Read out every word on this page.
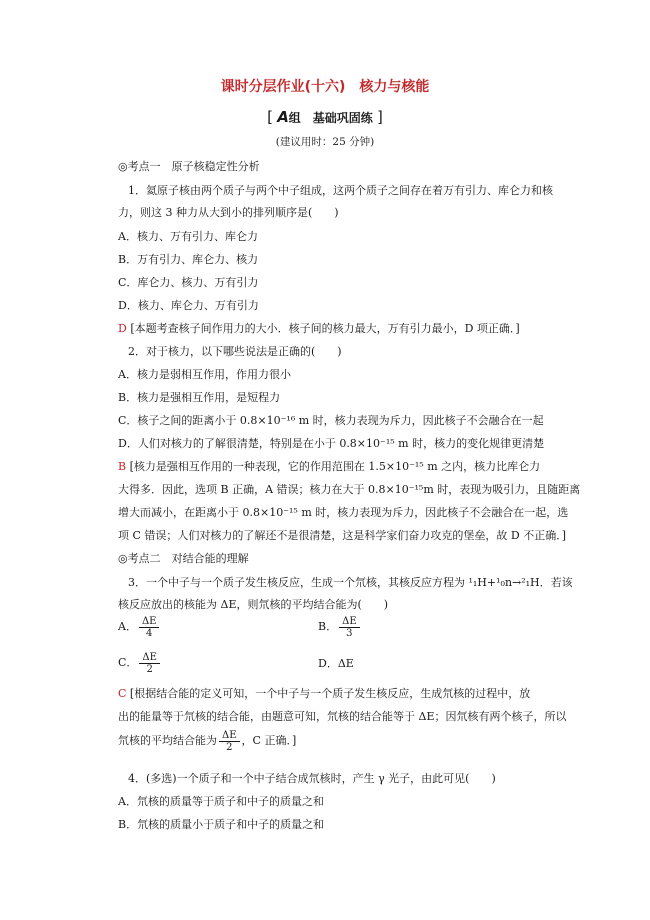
课时分层作业(十六)　核力与核能
[ A组　基础巩固练 ]
(建议用时：25 分钟)
◎考点一　原子核稳定性分析
1．氦原子核由两个质子与两个中子组成，这两个质子之间存在着万有引力、库仑力和核
力，则这 3 种力从大到小的排列顺序是(　　)
A．核力、万有引力、库仑力
B．万有引力、库仑力、核力
C．库仑力、核力、万有引力
D．核力、库仑力、万有引力
D [本题考查核子间作用力的大小．核子间的核力最大，万有引力最小，D 项正确．]
2．对于核力，以下哪些说法是正确的(　　)
A．核力是弱相互作用，作用力很小
B．核力是强相互作用，是短程力
C．核子之间的距离小于 0.8×10⁻¹⁶ m 时，核力表现为斥力，因此核子不会融合在一起
D．人们对核力的了解很清楚，特别是在小于 0.8×10⁻¹⁵ m 时，核力的变化规律更清楚
B [核力是强相互作用的一种表现，它的作用范围在 1.5×10⁻¹⁵ m 之内，核力比库仑力
大得多．因此，选项 B 正确，A 错误；核力在大于 0.8×10⁻¹⁵m 时，表现为吸引力，且随距离
增大而减小，在距离小于 0.8×10⁻¹⁵ m 时，核力表现为斥力，因此核子不会融合在一起，选
项 C 错误；人们对核力的了解还不是很清楚，这是科学家们奋力攻克的堡垒，故 D 不正确．]
◎考点二　对结合能的理解
3．一个中子与一个质子发生核反应，生成一个氘核，其核反应方程为 ¹₁H+¹₀n→²₁H．若该
核反应放出的核能为 ΔE，则氘核的平均结合能为(　　)
A． $\frac{\Delta E}{4}$	B． $\frac{\Delta E}{3}$
C． $\frac{\Delta E}{2}$	D．ΔE
C [根据结合能的定义可知，一个中子与一个质子发生核反应，生成氘核的过程中，放
出的能量等于氘核的结合能，由题意可知，氘核的结合能等于 ΔE；因氘核有两个核子，所以
氘核的平均结合能为 $\frac{\Delta E}{2}$ ，C 正确．]
4．(多选)一个质子和一个中子结合成氘核时，产生 γ 光子，由此可见(　　)
A．氘核的质量等于质子和中子的质量之和
B．氘核的质量小于质子和中子的质量之和
